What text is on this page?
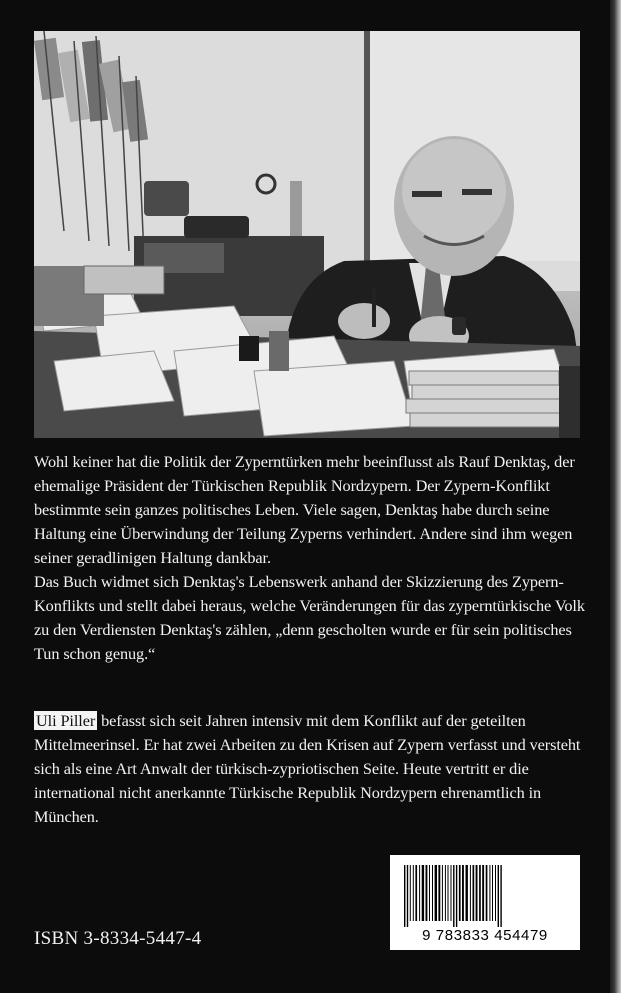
Wohl keiner hat die Politik der Zyperntürken mehr beeinflusst als Rauf Denktaş, der ehemalige Präsident der Türkischen Republik Nordzypern. Der Zypern-Konflikt bestimmte sein ganzes politisches Leben. Viele sagen, Denktaş habe durch seine Haltung eine Überwindung der Teilung Zyperns verhindert. Andere sind ihm wegen seiner geradlinigen Haltung dankbar.

Das Buch widmet sich Denktaş's Lebenswerk anhand der Skizzierung des Zypern-Konflikts und stellt dabei heraus, welche Veränderungen für das zyperntürkische Volk zu den Verdiensten Denktaş's zählen, „denn gescholten wurde er für sein politisches Tun schon genug.“

Uli Piller befasst sich seit Jahren intensiv mit dem Konflikt auf der geteilten Mittelmeerinsel. Er hat zwei Arbeiten zu den Krisen auf Zypern verfasst und versteht sich als eine Art Anwalt der türkisch-zypriotischen Seite. Heute vertritt er die international nicht anerkannte Türkische Republik Nordzypern ehrenamtlich in München.

ISBN 3-8334-5447-4	9 783833 454479
